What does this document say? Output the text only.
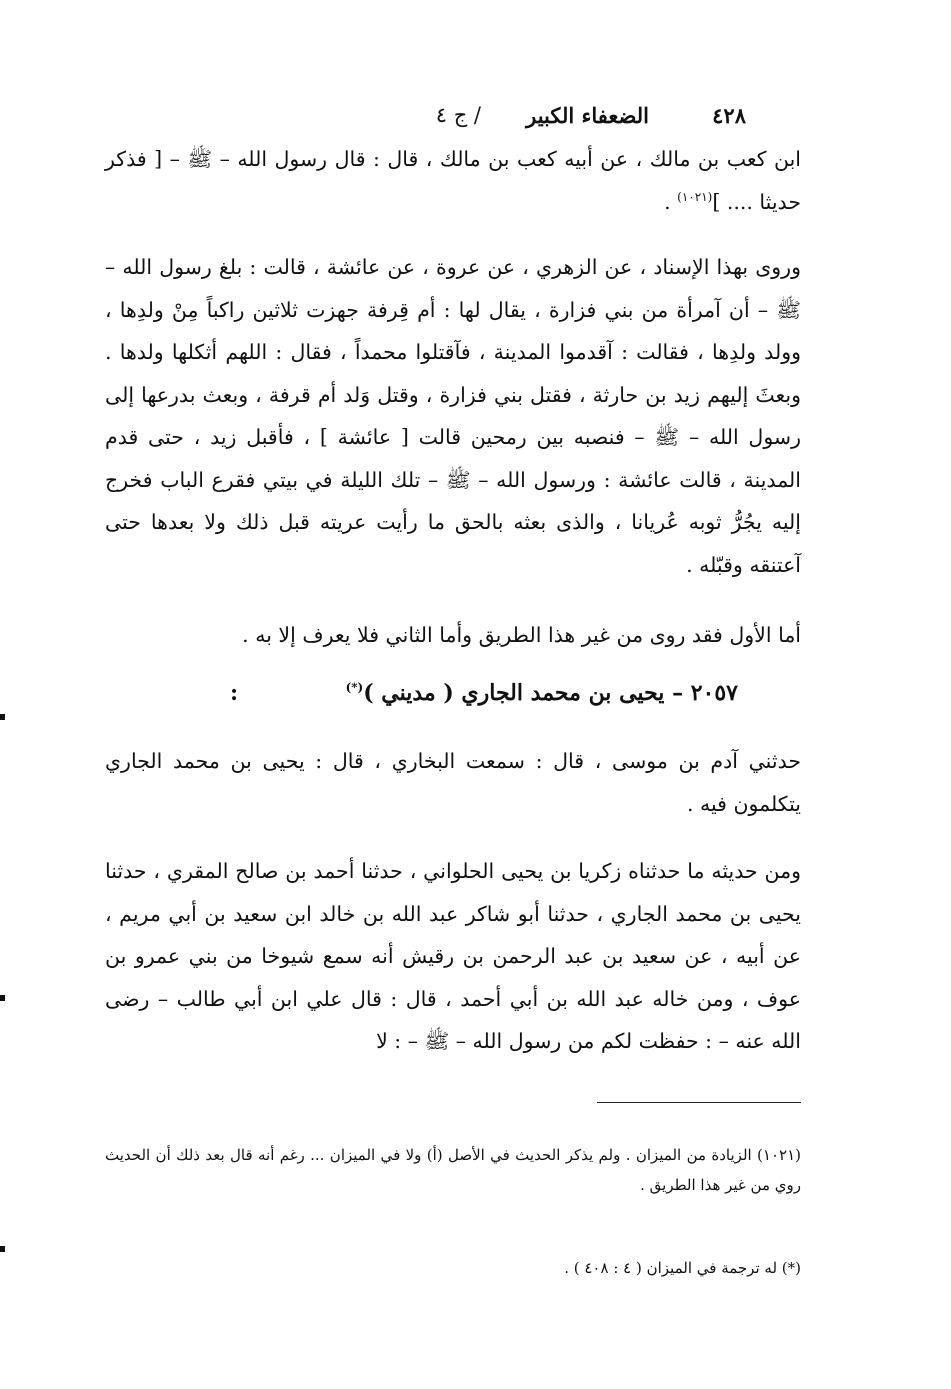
٤٢٨
الضعفاء الكبير
/ ج ٤

ابن كعب بن مالك ، عن أبيه كعب بن مالك ، قال : قال رسول الله – ﷺ – [ فذكر حديثا .... ]$^{(١٠٢١)}$ .

وروى بهذا الإسناد ، عن الزهري ، عن عروة ، عن عائشة ، قالت : بلغ رسول الله – ﷺ – أن آمرأة من بني فزارة ، يقال لها : أم قِرفة جهزت ثلاثين راكباً مِنْ ولدِها ، وولد ولدِها ، فقالت : آقدموا المدينة ، فآقتلوا محمداً ، فقال : اللهم أثكلها ولدها . وبعثَ إليهم زيد بن حارثة ، فقتل بني فزارة ، وقتل وَلد أم قرفة ، وبعث بدرعها إلى رسول الله – ﷺ – فنصبه بين رمحين قالت [ عائشة ] ، فأقبل زيد ، حتى قدم المدينة ، قالت عائشة : ورسول الله – ﷺ – تلك الليلة في بيتي فقرع الباب فخرج إليه يجُرُّ ثوبه عُريانا ، والذى بعثه بالحق ما رأيت عريته قبل ذلك ولا بعدها حتى آعتنقه وقبّله .

أما الأول فقد روى من غير هذا الطريق وأما الثاني فلا يعرف إلا به .

٢٠٥٧ – يحيى بن محمد الجاري ( مديني )(*)
:

حدثني آدم بن موسى ، قال : سمعت البخاري ، قال : يحيى بن محمد الجاري يتكلمون فيه .

ومن حديثه ما حدثناه زكريا بن يحيى الحلواني ، حدثنا أحمد بن صالح المقري ، حدثنا يحيى بن محمد الجاري ، حدثنا أبو شاكر عبد الله بن خالد ابن سعيد بن أبي مريم ، عن أبيه ، عن سعيد بن عبد الرحمن بن رقيش أنه سمع شيوخا من بني عمرو بن عوف ، ومن خاله عبد الله بن أبي أحمد ، قال : قال علي ابن أبي طالب – رضى الله عنه – : حفظت لكم من رسول الله – ﷺ – : لا

(١٠٢١) الزيادة من الميزان . ولم يذكر الحديث في الأصل (أ) ولا في الميزان ... رغم أنه قال بعد ذلك أن الحديث روي من غير هذا الطريق .

(*) له ترجمة في الميزان ( ٤ : ٤٠٨ ) .
